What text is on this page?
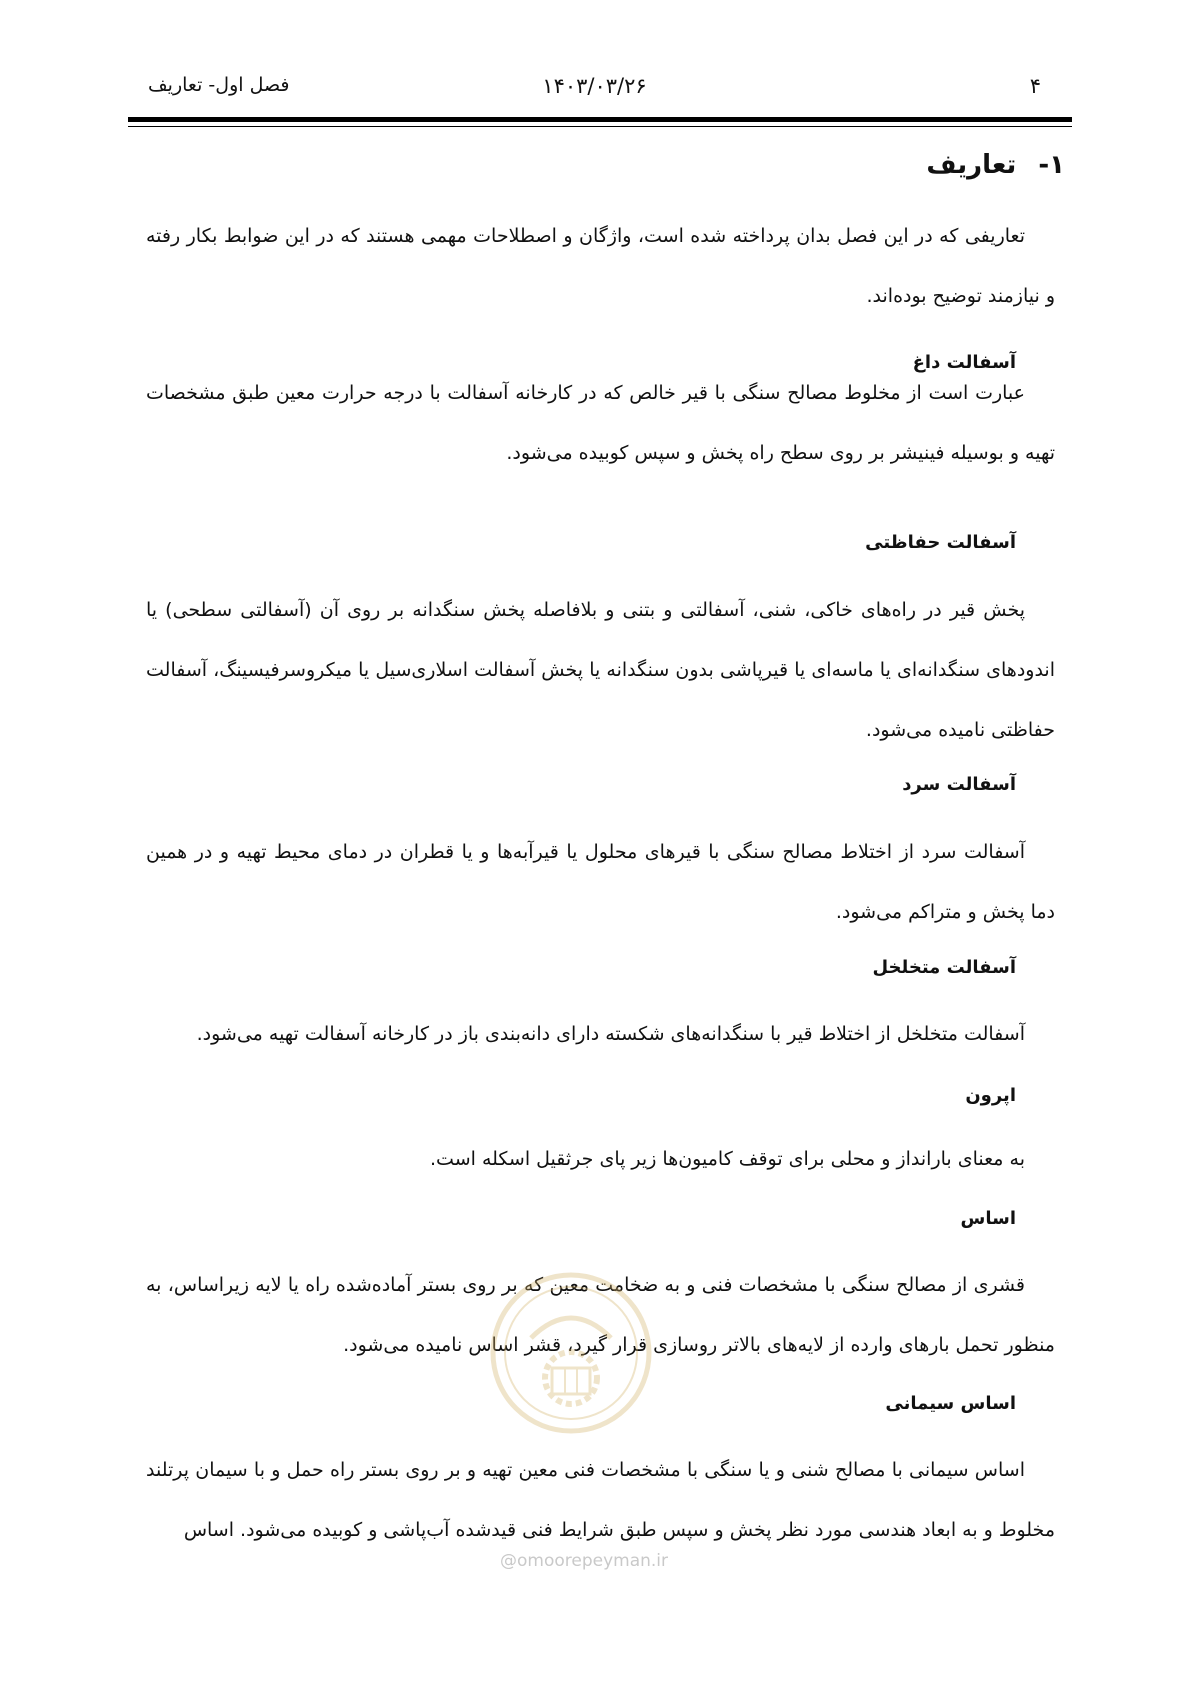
۴
۱۴۰۳/۰۳/۲۶
فصل اول- تعاریف
۱-تعاریف
تعاریفی که در این فصل بدان پرداخته شده است، واژگان و اصطلاحات مهمی هستند که در این ضوابط بکار رفته و نیازمند توضیح بوده‌اند.
آسفالت داغ
عبارت است از مخلوط مصالح سنگی با قیر خالص که در کارخانه آسفالت با درجه حرارت معین طبق مشخصات تهیه و بوسیله فینیشر بر روی سطح راه پخش و سپس کوبیده می‌شود.
آسفالت حفاظتی
پخش قیر در راه‌های خاکی، شنی، آسفالتی و بتنی و بلافاصله پخش سنگدانه بر روی آن (آسفالتی سطحی) یا اندودهای سنگدانه‌ای یا ماسه‌ای یا قیرپاشی بدون سنگدانه یا پخش آسفالت اسلاری‌سیل یا میکروسرفیسینگ، آسفالت حفاظتی نامیده می‌شود.
آسفالت سرد
آسفالت سرد از اختلاط مصالح سنگی با قیرهای محلول یا قیرآبه‌ها و یا قطران در دمای محیط تهیه و در همین دما پخش و متراکم می‌شود.
آسفالت متخلخل
آسفالت متخلخل از اختلاط قیر با سنگدانه‌های شکسته دارای دانه‌بندی باز در کارخانه آسفالت تهیه می‌شود.
اپرون
به معنای بارانداز و محلی برای توقف کامیون‌ها زیر پای جرثقیل اسکله است.
اساس
قشری از مصالح سنگی با مشخصات فنی و به ضخامت معین که بر روی بستر آماده‌شده راه یا لایه زیراساس، به منظور تحمل بارهای وارده از لایه‌های بالاتر روسازی قرار گیرد، قشر اساس نامیده می‌شود.
اساس سیمانی
اساس سیمانی با مصالح شنی و یا سنگی با مشخصات فنی معین تهیه و بر روی بستر راه حمل و با سیمان پرتلند مخلوط و به ابعاد هندسی مورد نظر پخش و سپس طبق شرایط فنی قیدشده آب‌پاشی و کوبیده می‌شود. اساس
@omoorepeyman.ir
